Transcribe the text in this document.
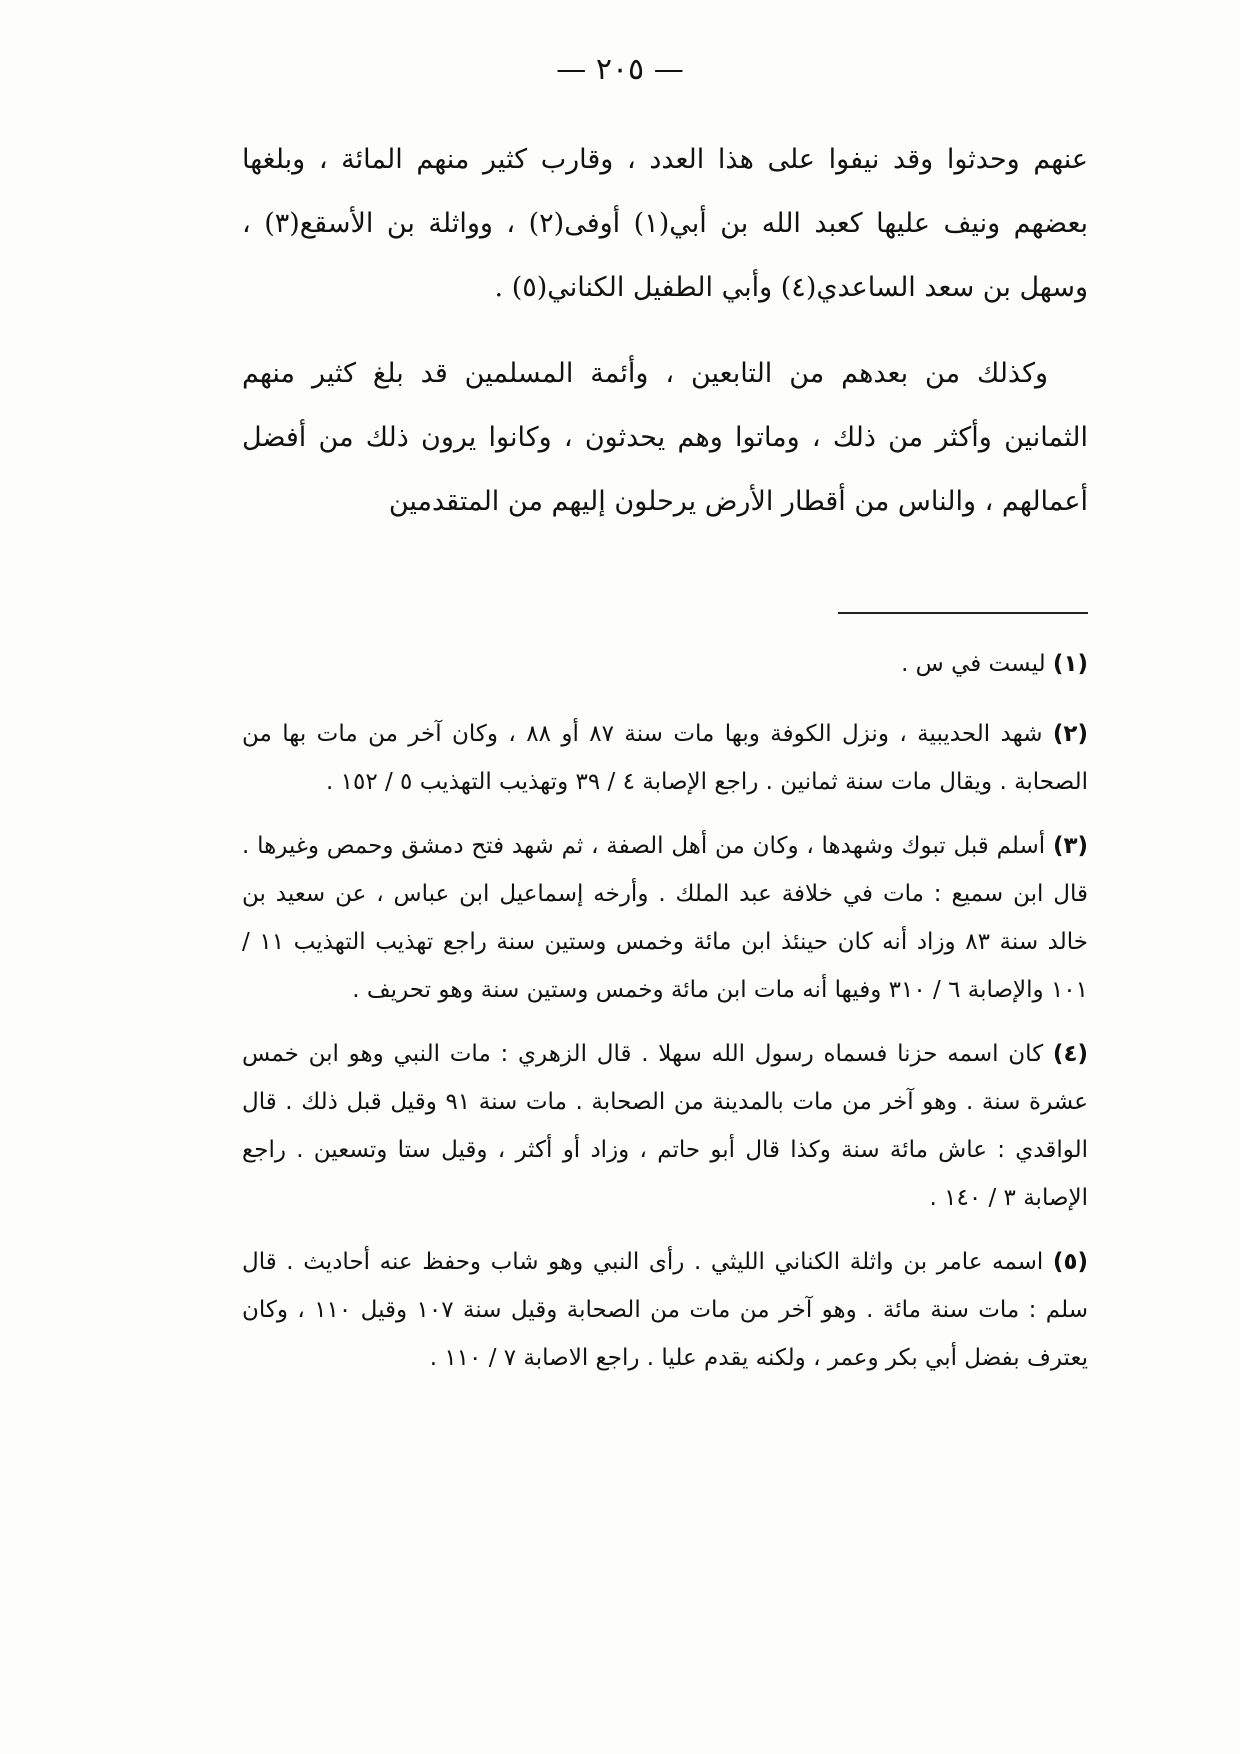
— ٢٠٥ —

عنهم وحدثوا وقد نيفوا على هذا العدد ، وقارب كثير منهم المائة ، وبلغها بعضهم ونيف عليها كعبد الله بن أبي(١) أوفى(٢) ، وواثلة بن الأسقع(٣) ، وسهل بن سعد الساعدي(٤) وأبي الطفيل الكناني(٥) .

وكذلك من بعدهم من التابعين ، وأئمة المسلمين قد بلغ كثير منهم الثمانين وأكثر من ذلك ، وماتوا وهم يحدثون ، وكانوا يرون ذلك من أفضل أعمالهم ، والناس من أقطار الأرض يرحلون إليهم من المتقدمين

(١) ليست في س .

(٢) شهد الحديبية ، ونزل الكوفة وبها مات سنة ٨٧ أو ٨٨ ، وكان آخر من مات بها من الصحابة . ويقال مات سنة ثمانين . راجع الإصابة ٤ / ٣٩ وتهذيب التهذيب ٥ / ١٥٢ .

(٣) أسلم قبل تبوك وشهدها ، وكان من أهل الصفة ، ثم شهد فتح دمشق وحمص وغيرها . قال ابن سميع : مات في خلافة عبد الملك . وأرخه إسماعيل ابن عباس ، عن سعيد بن خالد سنة ٨٣ وزاد أنه كان حينئذ ابن مائة وخمس وستين سنة راجع تهذيب التهذيب ١١ / ١٠١ والإصابة ٦ / ٣١٠ وفيها أنه مات ابن مائة وخمس وستين سنة وهو تحريف .

(٤) كان اسمه حزنا فسماه رسول الله سهلا . قال الزهري : مات النبي وهو ابن خمس عشرة سنة . وهو آخر من مات بالمدينة من الصحابة . مات سنة ٩١ وقيل قبل ذلك . قال الواقدي : عاش مائة سنة وكذا قال أبو حاتم ، وزاد أو أكثر ، وقيل ستا وتسعين . راجع الإصابة ٣ / ١٤٠ .

(٥) اسمه عامر بن واثلة الكناني الليثي . رأى النبي وهو شاب وحفظ عنه أحاديث . قال سلم : مات سنة مائة . وهو آخر من مات من الصحابة وقيل سنة ١٠٧ وقيل ١١٠ ، وكان يعترف بفضل أبي بكر وعمر ، ولكنه يقدم عليا . راجع الاصابة ٧ / ١١٠ .
